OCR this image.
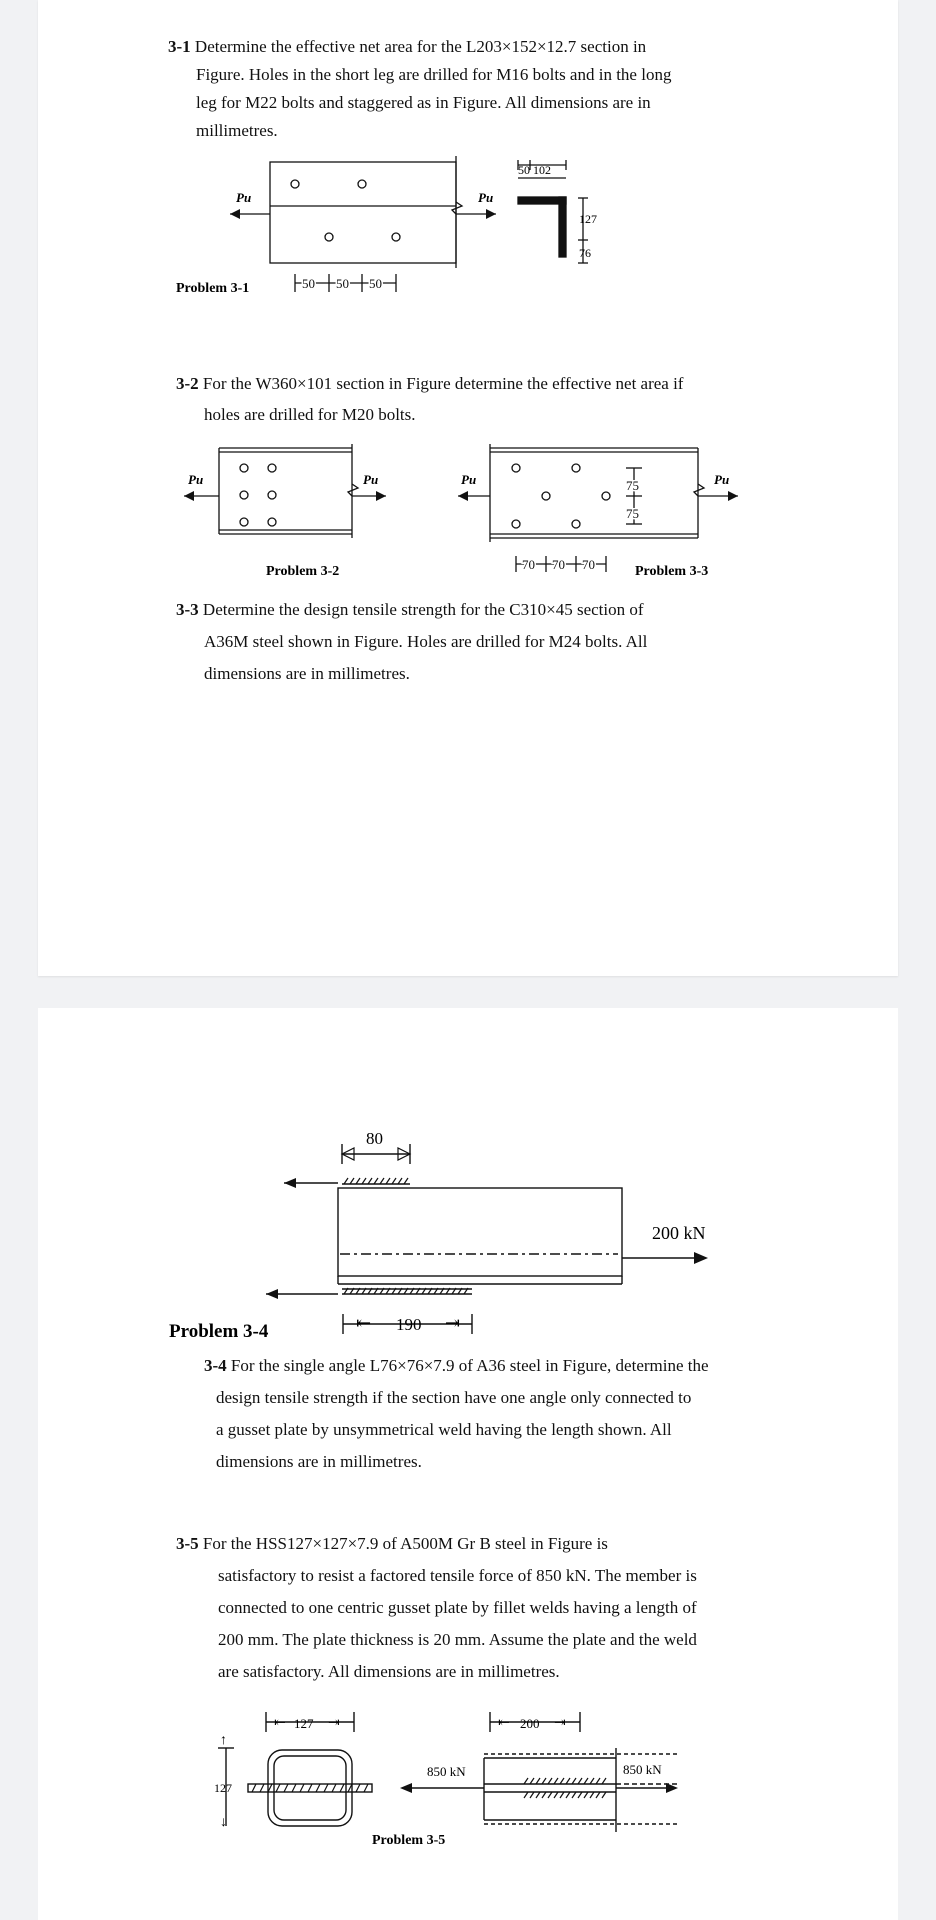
3-1 Determine the effective net area for the L203×152×12.7 section in
Figure. Holes in the short leg are drilled for M16 bolts and in the long
leg for M22 bolts and staggered as in Figure. All dimensions are in
millimetres.
Pu	Pu
50 102
127
76
50 50 50
Problem 3-1
3-2 For the W360×101 section in Figure determine the effective net area if
holes are drilled for M20 bolts.
Pu	Pu	Pu	Pu
75
75
70 70 70
Problem 3-2	Problem 3-3
3-3 Determine the design tensile strength for the C310×45 section of
A36M steel shown in Figure. Holes are drilled for M24 bolts. All
dimensions are in millimetres.
80
200 kN
⇤ 190 ⇥
Problem 3-4
3-4 For the single angle L76×76×7.9 of A36 steel in Figure, determine the
design tensile strength if the section have one angle only connected to
a gusset plate by unsymmetrical weld having the length shown. All
dimensions are in millimetres.
3-5 For the HSS127×127×7.9 of A500M Gr B steel in Figure is
satisfactory to resist a factored tensile force of 850 kN. The member is
connected to one centric gusset plate by fillet welds having a length of
200 mm. The plate thickness is 20 mm. Assume the plate and the weld
are satisfactory. All dimensions are in millimetres.
⇤ 127 ⇥
↑
127
↓
850 kN	850 kN
⇤ 200 ⇥
Problem 3-5
